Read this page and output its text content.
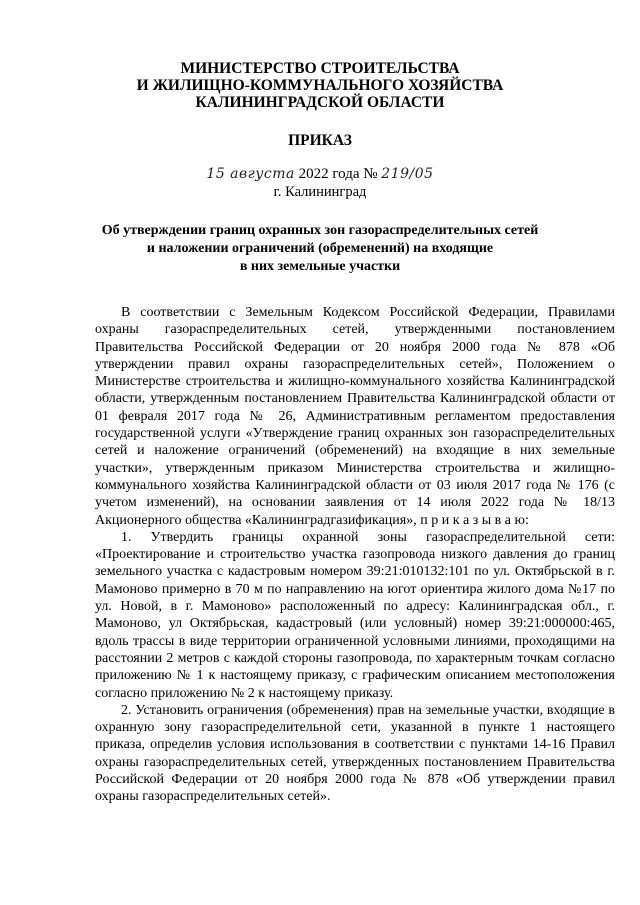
МИНИСТЕРСТВО СТРОИТЕЛЬСТВА
И ЖИЛИЩНО-КОММУНАЛЬНОГО ХОЗЯЙСТВА
КАЛИНИНГРАДСКОЙ ОБЛАСТИ
ПРИКАЗ
15 августа 2022 года № 219/05
г. Калининград
Об утверждении границ охранных зон газораспределительных сетей
и наложении ограничений (обременений) на входящие
в них земельные участки

В соответствии с Земельным Кодексом Российской Федерации, Правилами охраны газораспределительных сетей, утвержденными постановлением Правительства Российской Федерации от 20 ноября 2000 года № 878 «Об утверждении правил охраны газораспределительных сетей», Положением о Министерстве строительства и жилищно-коммунального хозяйства Калининградской области, утвержденным постановлением Правительства Калининградской области от 01 февраля 2017 года № 26, Административным регламентом предоставления государственной услуги «Утверждение границ охранных зон газораспределительных сетей и наложение ограничений (обременений) на входящие в них земельные участки», утвержденным приказом Министерства строительства и жилищно-коммунального хозяйства Калининградской области от 03 июля 2017 года № 176 (с учетом изменений), на основании заявления от 14 июля 2022 года № 18/13 Акционерного общества «Калининградгазификация», п р и к а з ы в а ю:

1. Утвердить границы охранной зоны газораспределительной сети: «Проектирование и строительство участка газопровода низкого давления до границ земельного участка с кадастровым номером 39:21:010132:101 по ул. Октябрьской в г. Мамоново примерно в 70 м по направлению на югот ориентира жилого дома №17 по ул. Новой, в г. Мамоново» расположенный по адресу: Калининградская обл., г. Мамоново, ул Октябрьская, кадастровый (или условный) номер 39:21:000000:465, вдоль трассы в виде территории ограниченной условными линиями, проходящими на расстоянии 2 метров с каждой стороны газопровода, по характерным точкам согласно приложению № 1 к настоящему приказу, с графическим описанием местоположения согласно приложению № 2 к настоящему приказу.

2. Установить ограничения (обременения) прав на земельные участки, входящие в охранную зону газораспределительной сети, указанной в пункте 1 настоящего приказа, определив условия использования в соответствии с пунктами 14-16 Правил охраны газораспределительных сетей, утвержденных постановлением Правительства Российской Федерации от 20 ноября 2000 года № 878 «Об утверждении правил охраны газораспределительных сетей».
